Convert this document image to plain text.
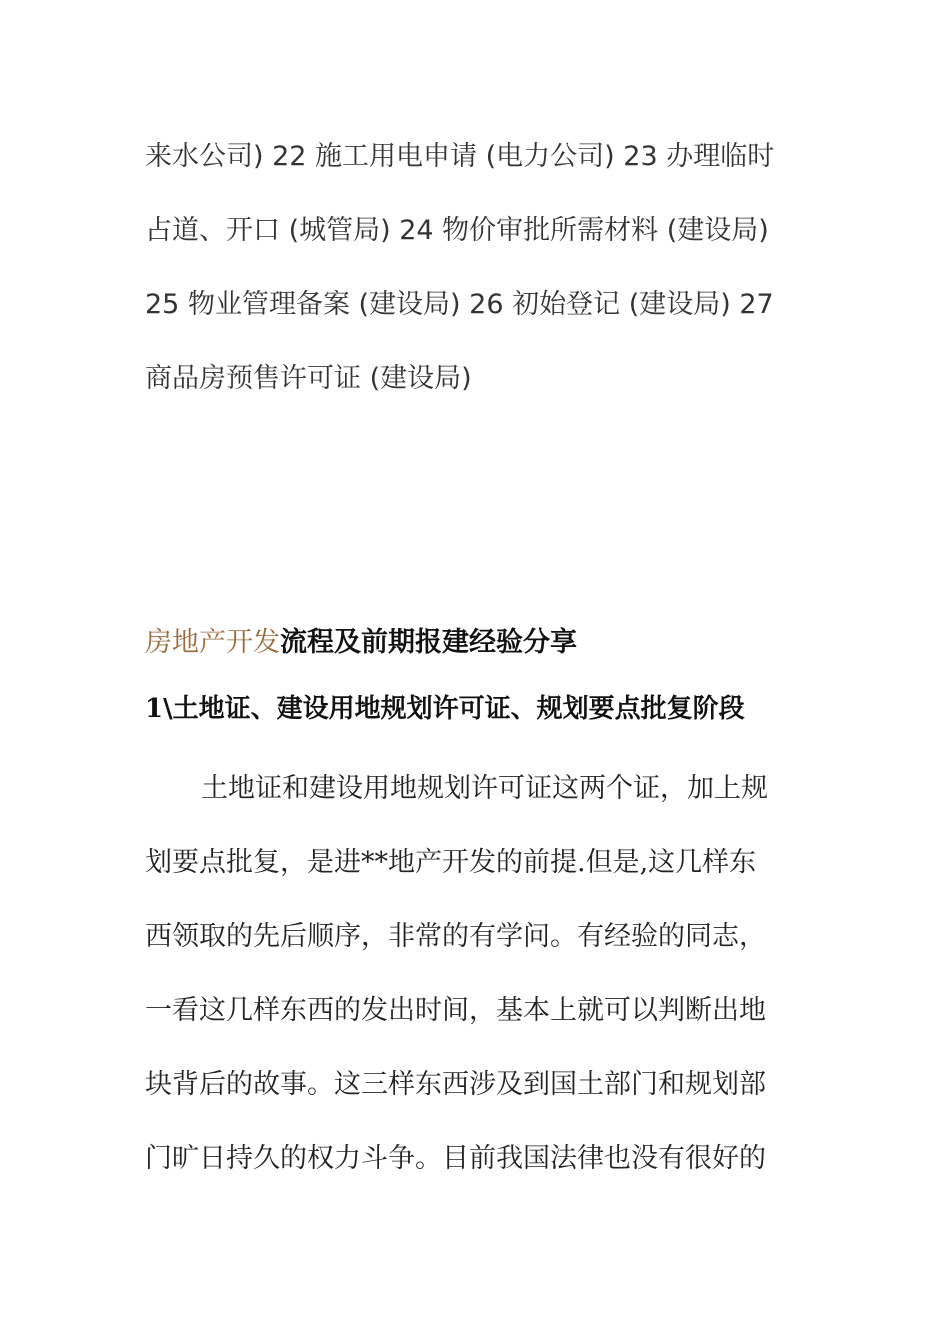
来水公司) 22 施工用电申请 (电力公司) 23 办理临时
占道、开口 (城管局) 24 物价审批所需材料 (建设局)
25 物业管理备案 (建设局) 26 初始登记 (建设局) 27
商品房预售许可证 (建设局)
房地产开发流程及前期报建经验分享
1\土地证、建设用地规划许可证、规划要点批复阶段
土地证和建设用地规划许可证这两个证，加上规
划要点批复，是进**地产开发的前提.但是,这几样东
西领取的先后顺序，非常的有学问。有经验的同志，
一看这几样东西的发出时间，基本上就可以判断出地
块背后的故事。这三样东西涉及到国土部门和规划部
门旷日持久的权力斗争。目前我国法律也没有很好的
